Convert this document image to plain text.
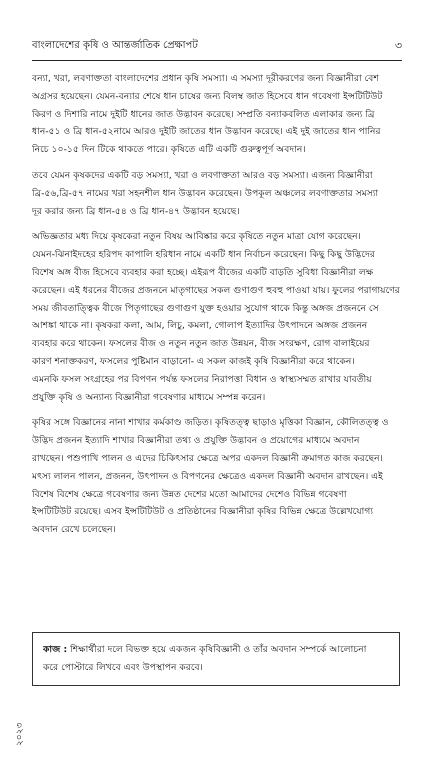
বাংলাদেশের কৃষি ও আন্তর্জাতিক প্রেক্ষাপট	৩

বন্যা, খরা, লবণাক্ততা বাংলাদেশের প্রধান কৃষি সমস্যা। এ সমস্যা দূরীকরণের জন্য বিজ্ঞানীরা বেশ
অগ্রসর হয়েছেন। যেমন-বন্যার শেষে ধান চাষের জন্য বিলম্ব জাত হিসেবে ধান গবেষণা ইন্সটিটিউট
কিরণ ও দিশারি নামে দুইটি ধানের জাত উদ্ভাবন করেছে। সম্প্রতি বন্যাকবলিত এলাকার জন্য ব্রি
ধান-৫১ ও ব্রি ধান-৫২নামে আরও দুইটি জাতের ধান উদ্ভাবন করেছে। এই দুই জাতের ধান পানির
নিচে ১০-১৫ দিন টিকে থাকতে পারে। কৃষিতে এটি একটি গুরুত্বপূর্ণ অবদান।

তবে যেমন কৃষকদের একটি বড় সমস্যা, খরা ও লবণাক্ততা আরও বড় সমস্যা। এজন্য বিজ্ঞানীরা
ব্রি-৫৬,ব্রি-৫৭ নামের খরা সহনশীল ধান উদ্ভাবন করেছেন। উপকূল অঞ্চলের লবণাক্ততার সমস্যা
দূর করার জন্য ব্রি ধান-৫৪ ও ব্রি ধান-৪৭ উদ্ভাবন হয়েছে।

অভিজ্ঞতার মধ্য দিয়ে কৃষকেরা নতুন বিষয় আবিষ্কার করে কৃষিতে নতুন মাত্রা যোগ করেছেন।
যেমন-ঝিনাইদহের হরিপদ কাপালি হরিধান নামে একটি ধান নির্বাচন করেছেন। কিছু কিছু উদ্ভিদের
বিশেষ অঙ্গ বীজ হিসেবে ব্যবহার করা হচ্ছে। এইরূপ বীজের একটি বাড়তি সুবিধা বিজ্ঞানীরা লক্ষ
করেছেন। এই ধরনের বীজের প্রজননে মাতৃগাছের সকল গুণাগুণ হুবহু পাওয়া যায়। ফুলের পরাগায়ণের
সময় জীবতাত্ত্বিক বীজে পিতৃগাছের গুণাগুণ যুক্ত হওয়ার সুযোগ থাকে কিন্তু অঙ্গজ প্রজননে সে
আশঙ্কা থাকে না। কৃষকরা কলা, আম, লিচু, কমলা, গোলাপ ইত্যাদির উৎপাদনে অঙ্গজ প্রজনন
ব্যবহার করে থাকেন। ফসলের বীজ ও নতুন নতুন জাত উন্নয়ন, বীজ সংরক্ষণ, রোগ বালাইয়ের
কারণ শনাক্তকরণ, ফসলের পুষ্টিমান বাড়ানো- এ সকল কাজই কৃষি বিজ্ঞানীরা করে থাকেন।
এমনকি ফসল সংগ্রহের পর বিপণন পর্যন্ত ফসলের নিরাপত্তা বিধান ও স্বাস্থ্যসম্মত রাখার যাবতীয়
প্রযুক্তি কৃষি ও অন্যান্য বিজ্ঞানীরা গবেষণার মাধ্যমে সম্পন্ন করেন।

কৃষির সঙ্গে বিজ্ঞানের নানা শাখার কর্মকাণ্ড জড়িত। কৃষিতত্ত্ব ছাড়াও মৃত্তিকা বিজ্ঞান, কৌলিতত্ত্ব ও
উদ্ভিদ প্রজনন ইত্যাদি শাখার বিজ্ঞানীরা তথ্য ও প্রযুক্তি উদ্ভাবন ও প্রয়োগের মাধ্যমে অবদান
রাখছেন। পশুপাখি পালন ও এদের চিকিৎসার ক্ষেত্রে অপর একদল বিজ্ঞানী ক্রমাগত কাজ করছেন।
মৎস্য লালন পালন, প্রজনন, উৎপাদন ও বিপণনের ক্ষেত্রেও একদল বিজ্ঞানী অবদান রাখছেন। এই
বিশেষ বিশেষ ক্ষেত্রে গবেষণার জন্য উন্নত দেশের মতো আমাদের দেশেও বিভিন্ন গবেষণা
ইন্সটিটিউট রয়েছে। এসব ইন্সটিটিউট ও প্রতিষ্ঠানের বিজ্ঞানীরা কৃষির বিভিন্ন ক্ষেত্রে উল্লেখযোগ্য
অবদান রেখে চলেছেন।

কাজ : শিক্ষার্থীরা দলে বিভক্ত হয়ে একজন কৃষিবিজ্ঞানী ও তাঁর অবদান সম্পর্কে আলোচনা
করে পোস্টারে লিখবে এবং উপস্থাপন করবে।
২০২৩
